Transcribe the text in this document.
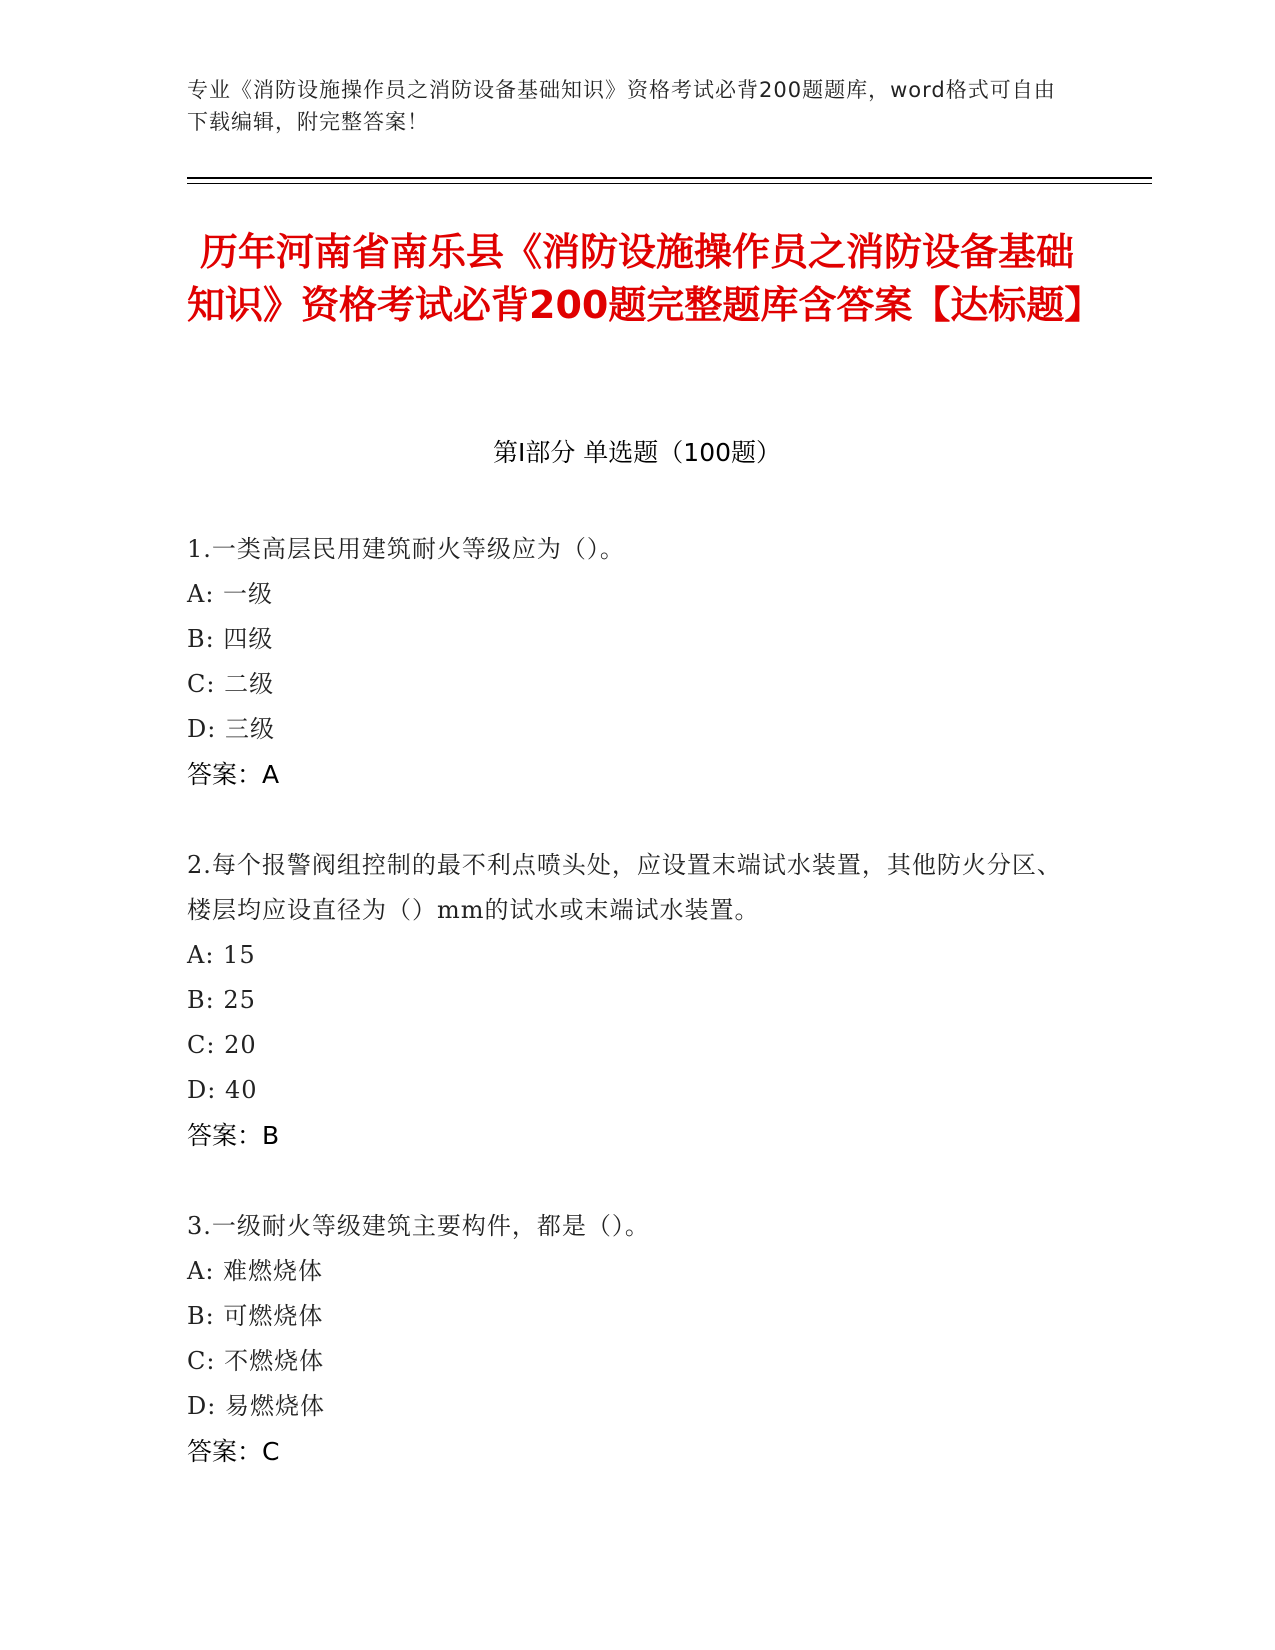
专业《消防设施操作员之消防设备基础知识》资格考试必背200题题库，word格式可自由下载编辑，附完整答案！
历年河南省南乐县《消防设施操作员之消防设备基础知识》资格考试必背200题完整题库含答案【达标题】
第I部分 单选题（100题）
1.一类高层民用建筑耐火等级应为（）。
A: 一级
B: 四级
C: 二级
D: 三级
答案：A
2.每个报警阀组控制的最不利点喷头处，应设置末端试水装置，其他防火分区、楼层均应设直径为（）mm的试水或末端试水装置。
A: 15
B: 25
C: 20
D: 40
答案：B
3.一级耐火等级建筑主要构件，都是（）。
A: 难燃烧体
B: 可燃烧体
C: 不燃烧体
D: 易燃烧体
答案：C
